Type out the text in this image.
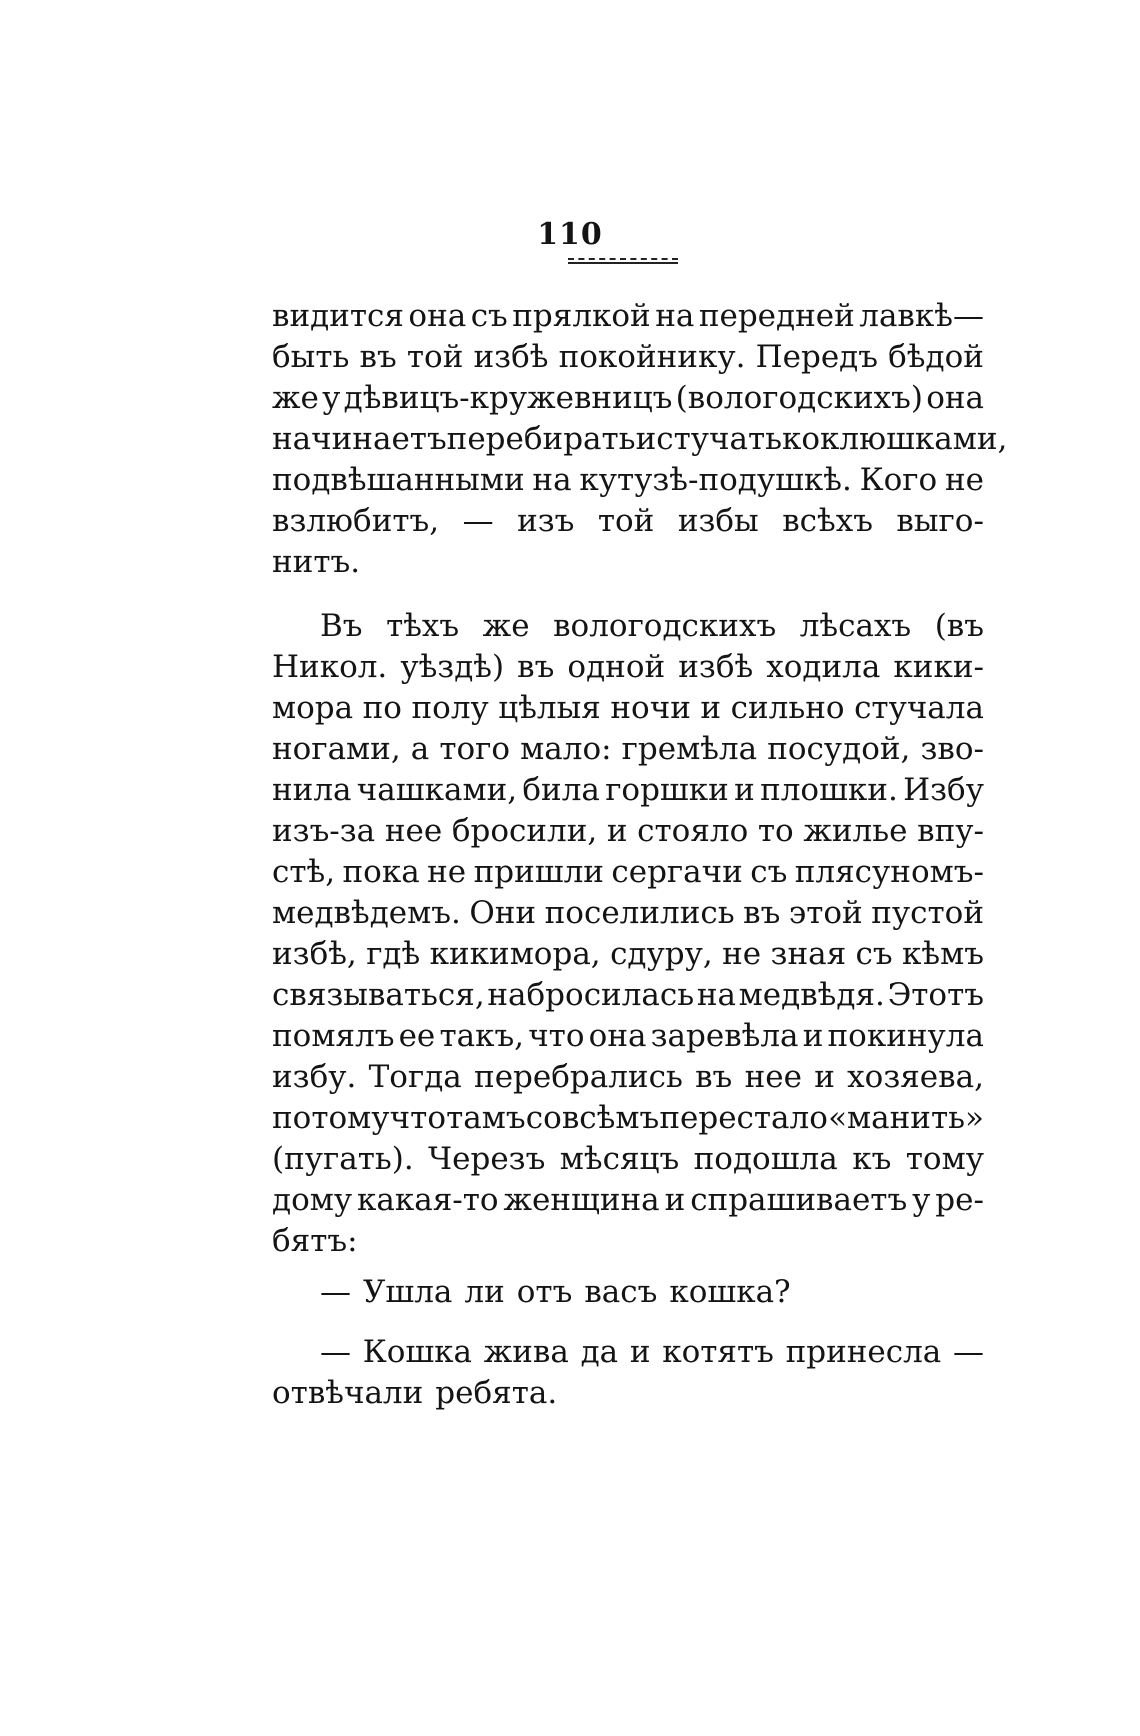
110
видится она съ прялкой на передней лавкѣ—
быть въ той избѣ покойнику. Передъ бѣдой
же у дѣвицъ-кружевницъ (вологодскихъ) она
начинаетъ перебирать и стучать коклюшками,
подвѣшанными на кутузѣ-подушкѣ. Кого не
взлюбитъ, — изъ той избы всѣхъ выго-
нитъ.
Въ тѣхъ же вологодскихъ лѣсахъ (въ
Никол. уѣздѣ) въ одной избѣ ходила кики-
мора по полу цѣлыя ночи и сильно стучала
ногами, а того мало: гремѣла посудой, зво-
нила чашками, била горшки и плошки. Избу
изъ-за нее бросили, и стояло то жилье впу-
стѣ, пока не пришли сергачи съ плясуномъ-
медвѣдемъ. Они поселились въ этой пустой
избѣ, гдѣ кикимора, сдуру, не зная съ кѣмъ
связываться, набросилась на медвѣдя. Этотъ
помялъ ее такъ, что она заревѣла и покинула
избу. Тогда перебрались въ нее и хозяева,
потому что тамъ совсѣмъ перестало «манить»
(пугать). Черезъ мѣсяцъ подошла къ тому
дому какая-то женщина и спрашиваетъ у ре-
бятъ:
— Ушла ли отъ васъ кошка?
— Кошка жива да и котятъ принесла —
отвѣчали ребята.
